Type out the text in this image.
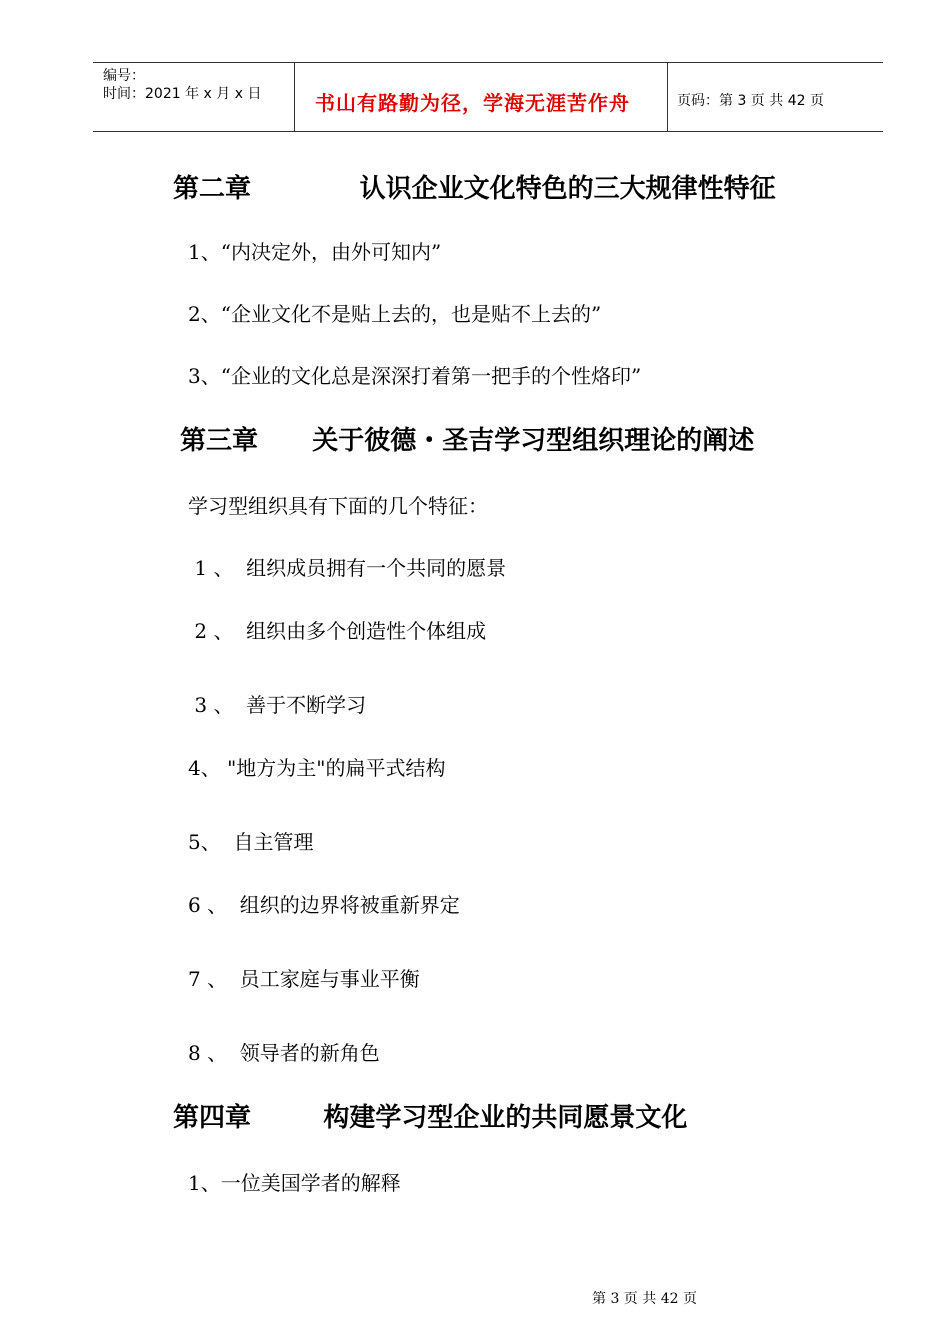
编号：
时间：2021 年 x 月 x 日	书山有路勤为径，学海无涯苦作舟	页码：第 3 页 共 42 页
第二章            认识企业文化特色的三大规律性特征
1、“内决定外，由外可知内”
2、“企业文化不是贴上去的，也是贴不上去的”
3、“企业的文化总是深深打着第一把手的个性烙印”
第三章      关于彼德・圣吉学习型组织理论的阐述
学习型组织具有下面的几个特征：
1 、  组织成员拥有一个共同的愿景
2 、  组织由多个创造性个体组成
3 、  善于不断学习
4、 "地方为主"的扁平式结构
5、  自主管理
6 、  组织的边界将被重新界定
7 、  员工家庭与事业平衡
8 、  领导者的新角色
第四章        构建学习型企业的共同愿景文化
1、一位美国学者的解释
第 3 页 共 42 页
